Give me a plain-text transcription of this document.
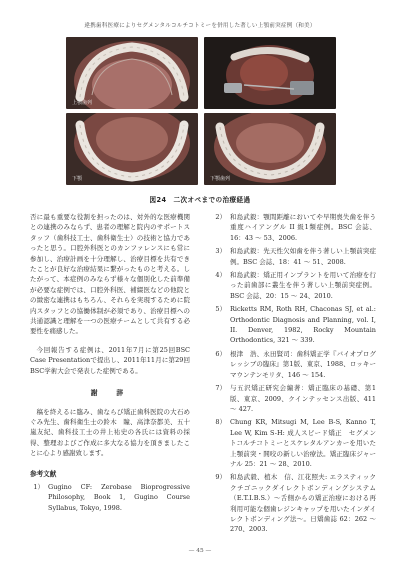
違携歯科医療によりセグメンタルコルチコトミーを併用した著しい上顎前突症例（和美）
上顎歯列
下顎	下顎歯列
図24　二次オペまでの治療経過

否に最も重要な役割を担ったのは、対外的な医療機関との連携のみならず、患者の理解と院内のサポートスタッフ（歯科技工士、歯科衛生士）の技術と協力であったと思う。口腔外科医とのカンファレンスにも常に参加し、治療計画を十分理解し、治療目標を共有できたことが良好な治療結果に繋がったものと考える。したがって、本症例のみならず様々な個別化した前準備が必要な症例では、口腔外科医、補綴医などの他院との緻密な連携はもちろん、それらを実現するために院内スタッフとの協働体制が必須であり、治療目標への共通認識と理解を一つの医療チームとして共有する必要性を痛感した。

今回報告する症例は、2011年7月に第25回BSC Case Presentationで提出し、2011年11月に第29回BSC学術大会で発表した症例である。

謝　辞

稿を終えるに臨み、歯ならび矯正歯科医院の大石めぐみ先生、歯科衛生士の鈴木　瞳、高津奈都美、五十嵐友紀、歯科技工士の井上祐史の各氏には資料の採得、整理およびご作成に多大なる協力を頂きましたことに心より感謝致します。

参考文献
1） Gugino CF: Zerobase Bioprogressive Philosophy, Book 1, Gugino Course Syllabus, Tokyo, 1998.
2） 和島武毅：顎間距離においてや早期喪失歯を伴う重度ハイアングル II 級1類症例。BSC 会誌、16：43 〜 53、2006.
3） 和島武毅：先天性欠如歯を伴う著しい上顎前突症例。BSC 会誌、18：41 〜 51、2008.
4） 和島武毅：矯正用インプラントを用いて治療を行った前歯部に叢生を伴う著しい上顎前突症例。BSC 会誌、20：15 〜 24、2010.
5） Ricketts RM, Roth RH, Chaconas SJ, et al.: Orthodontic Diagnosis and Planning, vol. I, II. Denver, 1982, Rocky Mountain Orthodontics, 321 〜 339.
6） 根津　浩、永田賢司：歯科矯正学『バイオプログレッシブの臨床』第1版、東京、1988、ロッキーマウンテンモリタ、146 〜 154.
7） 与五沢矯正研究会編著：矯正臨床の基礎、第1版、東京、2009、クインテッセンス出版、411 〜 427.
8） Chung KR, Mitsugi M, Lee B-S, Kanno T, Lee W, Kim S-H: 成人スピード矯正　セグメントコルチコトミーとスケレタルアンカーを用いた上顎前突・開咬の新しい治療法。矯正臨床ジャーナル 25：21 〜 28、2010.
9） 和島武毅、植木　信、江花照夫: エラスティッククチゴニックダイレクトボンディングシステム（E.T.I.B.S.）〜舌側からの矯正治療における再利用可能な個歯レジンキャップを用いたインダイレクトボンディング法〜。日矯歯誌 62：262 〜 270、2003.
— 45 —
